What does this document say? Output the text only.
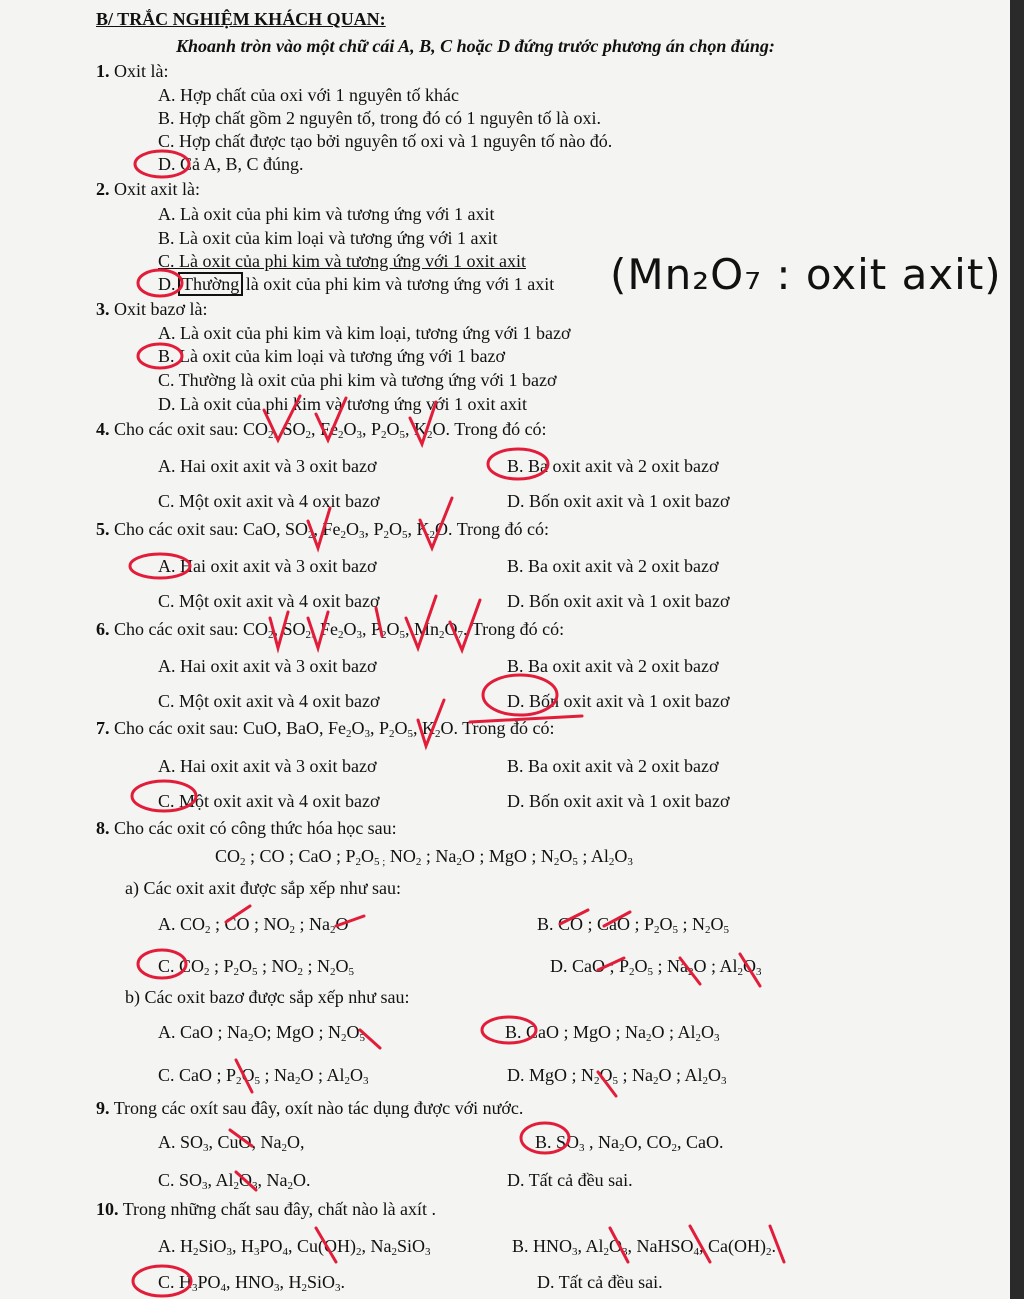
B/ TRẮC NGHIỆM KHÁCH QUAN:
Khoanh tròn vào một chữ cái A, B, C hoặc D đứng trước phương án chọn đúng:
1. Oxit là:
A. Hợp chất của oxi với 1 nguyên tố khác
B. Hợp chất gồm 2 nguyên tố, trong đó có 1 nguyên tố là oxi.
C. Hợp chất được tạo bởi nguyên tố oxi và 1 nguyên tố nào đó.
D. Cả A, B, C đúng.
2. Oxit axit là:
A. Là oxit của phi kim và tương ứng với 1 axit
B. Là oxit của kim loại và tương ứng với 1 axit
C. Là oxit của phi kim và tương ứng với 1 oxit axit
D. Thường là oxit của phi kim và tương ứng với 1 axit (Mn₂O₇ : oxit axit)
3. Oxit bazơ là:
A. Là oxit của phi kim và kim loại, tương ứng với 1 bazơ
B. Là oxit của kim loại và tương ứng với 1 bazơ
C. Thường là oxit của phi kim và tương ứng với 1 bazơ
D. Là oxit của phi kim và tương ứng với 1 oxit axit
4. Cho các oxit sau: $CO_2$, $SO_2$, $Fe_2O_3$, $P_2O_5$, $K_2O$. Trong đó có:
A. Hai oxit axit và 3 oxit bazơ	B. Ba oxit axit và 2 oxit bazơ
C. Một oxit axit và 4 oxit bazơ	D. Bốn oxit axit và 1 oxit bazơ
5. Cho các oxit sau: CaO, $SO_2$, $Fe_2O_3$, $P_2O_5$, $K_2O$. Trong đó có:
A. Hai oxit axit và 3 oxit bazơ	B. Ba oxit axit và 2 oxit bazơ
C. Một oxit axit và 4 oxit bazơ	D. Bốn oxit axit và 1 oxit bazơ
6. Cho các oxit sau: $CO_2$, $SO_2$, $Fe_2O_3$, $P_2O_5$, $Mn_2O_7$. Trong đó có:
A. Hai oxit axit và 3 oxit bazơ	B. Ba oxit axit và 2 oxit bazơ
C. Một oxit axit và 4 oxit bazơ	D. Bốn oxit axit và 1 oxit bazơ
7. Cho các oxit sau: CuO, BaO, $Fe_2O_3$, $P_2O_5$, $K_2O$. Trong đó có:
A. Hai oxit axit và 3 oxit bazơ	B. Ba oxit axit và 2 oxit bazơ
C. Một oxit axit và 4 oxit bazơ	D. Bốn oxit axit và 1 oxit bazơ
8. Cho các oxit có công thức hóa học sau:
$CO_2$ ; CO ; CaO ; $P_2O_{5 ;}$ $NO_2$ ; $Na_2O$ ; MgO ; $N_2O_5$ ; $Al_2O_3$
a) Các oxit axit được sắp xếp như sau:
A. $CO_2$ ; CO ; $NO_2$ ; $Na_2O$	B. CO ; CaO ; $P_2O_5$ ; $N_2O_5$
C. $CO_2$ ; $P_2O_5$ ; $NO_2$ ; $N_2O_5$	D. CaO ; $P_2O_5$ ; $Na_2O$ ; $Al_2O_3$
b) Các oxit bazơ được sắp xếp như sau:
A. CaO ; $Na_2O$; MgO ; $N_2O_5$	B. CaO ; MgO ; $Na_2O$ ; $Al_2O_3$
C. CaO ; $P_2O_5$ ; $Na_2O$ ; $Al_2O_3$	D. MgO ; $N_2O_5$ ; $Na_2O$ ; $Al_2O_3$
9. Trong các oxít sau đây, oxít nào tác dụng được với nước.
A. $SO_3$, CuO, $Na_2O$,	B. $SO_3$ , $Na_2O$, $CO_2$, CaO.
C. $SO_3$, $Al_2O_3$, $Na_2O$.	D. Tất cả đều sai.
10. Trong những chất sau đây, chất nào là axít .
A. $H_2SiO_3$, $H_3PO_4$, $Cu(OH)_2$, $Na_2SiO_3$	B. $HNO_3$, $Al_2O_3$, NaHSO$_4$, $Ca(OH)_2$.
C. $H_3PO_4$, $HNO_3$, $H_2SiO_3$.	D. Tất cả đều sai.
